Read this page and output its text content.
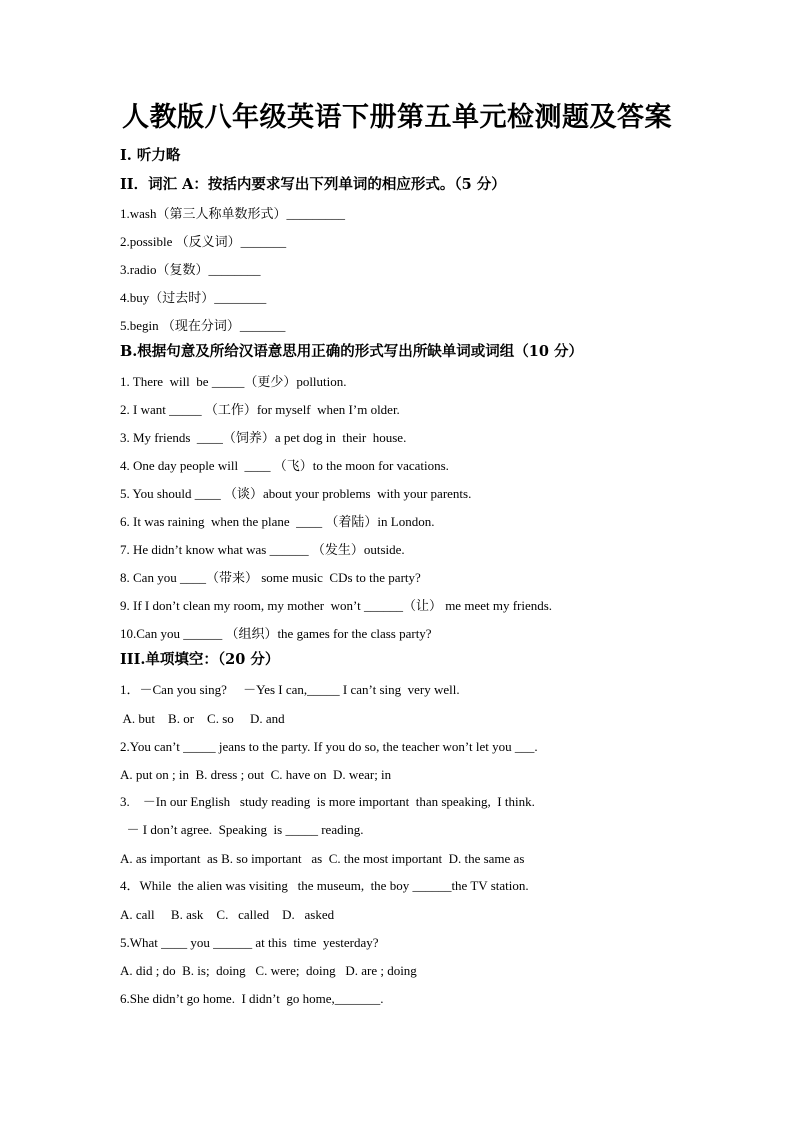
人教版八年级英语下册第五单元检测题及答案
Ⅰ. 听力略
II．词汇 A：按括内要求写出下列单词的相应形式。（5 分）
1.wash（第三人称单数形式）_________
2.possible （反义词）_______
3.radio（复数）________
4.buy（过去时）________
5.begin （现在分词）_______
B.根据句意及所给汉语意思用正确的形式写出所缺单词或词组（10 分）
1. There  will  be _____（更少）pollution.
2. I want _____ （工作）for myself  when I’m older.
3. My friends  ____（饲养）a pet dog in  their  house.
4. One day people will  ____ （飞）to the moon for vacations.
5. You should ____ （谈）about your problems  with your parents.
6. It was raining  when the plane  ____ （着陆）in London.
7. He didn’t know what was ______ （发生）outside.
8. Can you ____（带来） some music  CDs to the party?
9. If I don’t clean my room, my mother  won’t ______（让） me meet my friends.
10.Can you ______ （组织）the games for the class party?
III.单项填空：（20 分）
1．－Can you sing?     －Yes I can,_____ I can’t sing  very well.
A. but    B. or    C. so     D. and
2.You can’t _____ jeans to the party. If you do so, the teacher won’t let you ___.
A. put on ; in  B. dress ; out  C. have on  D. wear; in
3.    －In our English   study reading  is more important  than speaking,  I think.
－ I don’t agree.  Speaking  is _____ reading.
A. as important  as B. so important   as  C. the most important  D. the same as
4．While  the alien was visiting   the museum,  the boy ______the TV station.
A. call     B. ask    C.   called    D.   asked
5.What ____ you ______ at this  time  yesterday?
A. did ; do  B. is;  doing   C. were;  doing   D. are ; doing
6.She didn’t go home.  I didn’t  go home,_______.
